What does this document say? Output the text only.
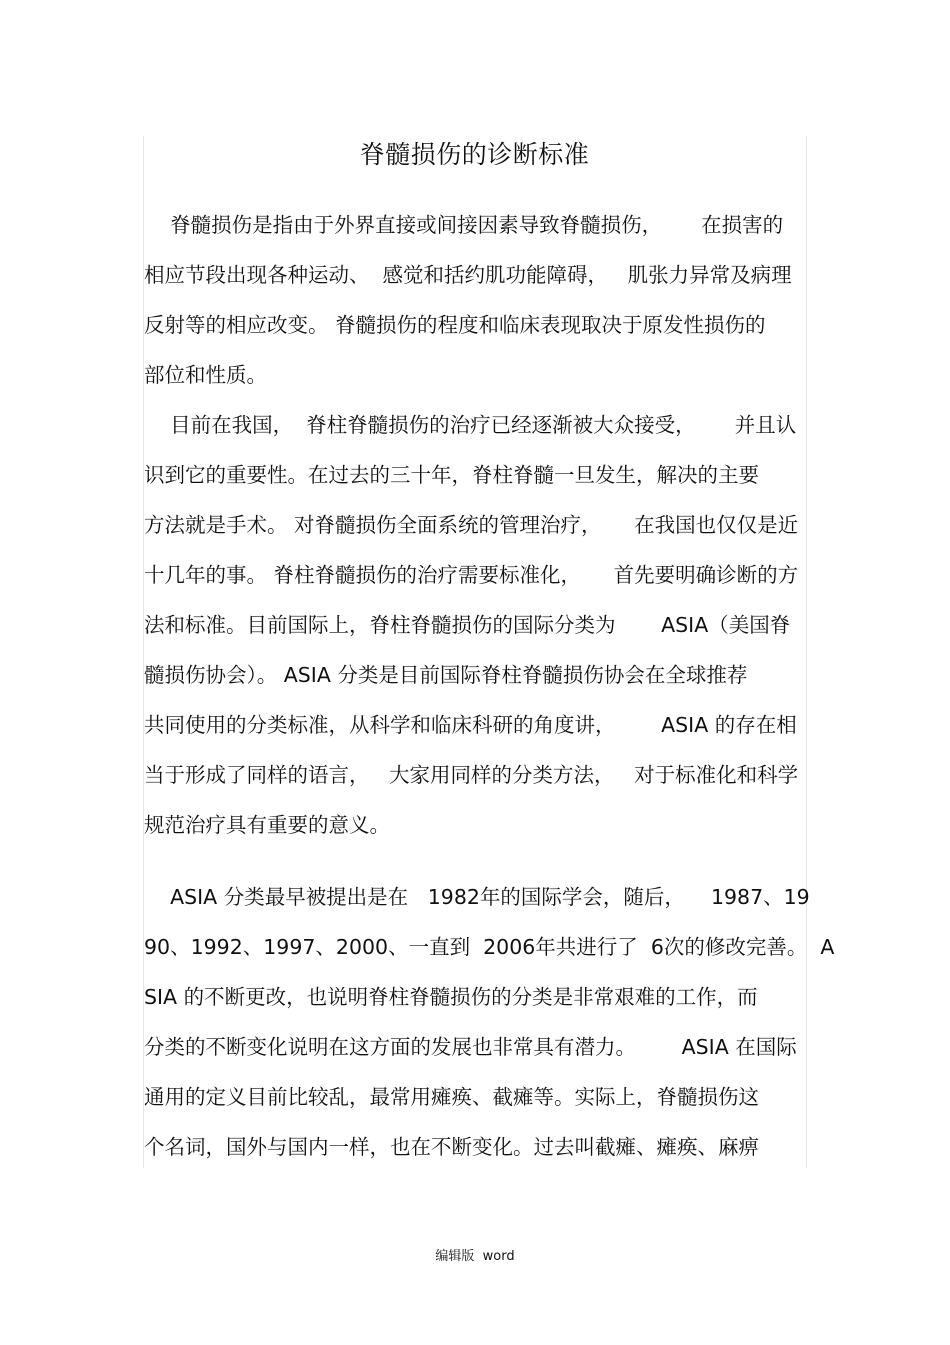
脊髓损伤的诊断标准
脊髓损伤是指由于外界直接或间接因素导致脊髓损伤，      在损害的
相应节段出现各种运动、  感觉和括约肌功能障碍，   肌张力异常及病理
反射等的相应改变。 脊髓损伤的程度和临床表现取决于原发性损伤的
部位和性质。
目前在我国，  脊柱脊髓损伤的治疗已经逐渐被大众接受，      并且认
识到它的重要性。在过去的三十年，脊柱脊髓一旦发生，解决的主要
方法就是手术。 对脊髓损伤全面系统的管理治疗，     在我国也仅仅是近
十几年的事。 脊柱脊髓损伤的治疗需要标准化，     首先要明确诊断的方
法和标准。目前国际上，脊柱脊髓损伤的国际分类为       ASIA（美国脊
髓损伤协会）。 ASIA 分类是目前国际脊柱脊髓损伤协会在全球推荐
共同使用的分类标准，从科学和临床科研的角度讲，       ASIA 的存在相
当于形成了同样的语言，   大家用同样的分类方法，   对于标准化和科学
规范治疗具有重要的意义。
ASIA 分类最早被提出是在   1982年的国际学会，随后，    1987、19
90、1992、1997、2000、一直到  2006年共进行了  6次的修改完善。  A
SIA 的不断更改，也说明脊柱脊髓损伤的分类是非常艰难的工作，而
分类的不断变化说明在这方面的发展也非常具有潜力。       ASIA 在国际
通用的定义目前比较乱，最常用瘫痪、截瘫等。实际上，脊髓损伤这
个名词，国外与国内一样，也在不断变化。过去叫截瘫、瘫痪、麻痹
编辑版  word
